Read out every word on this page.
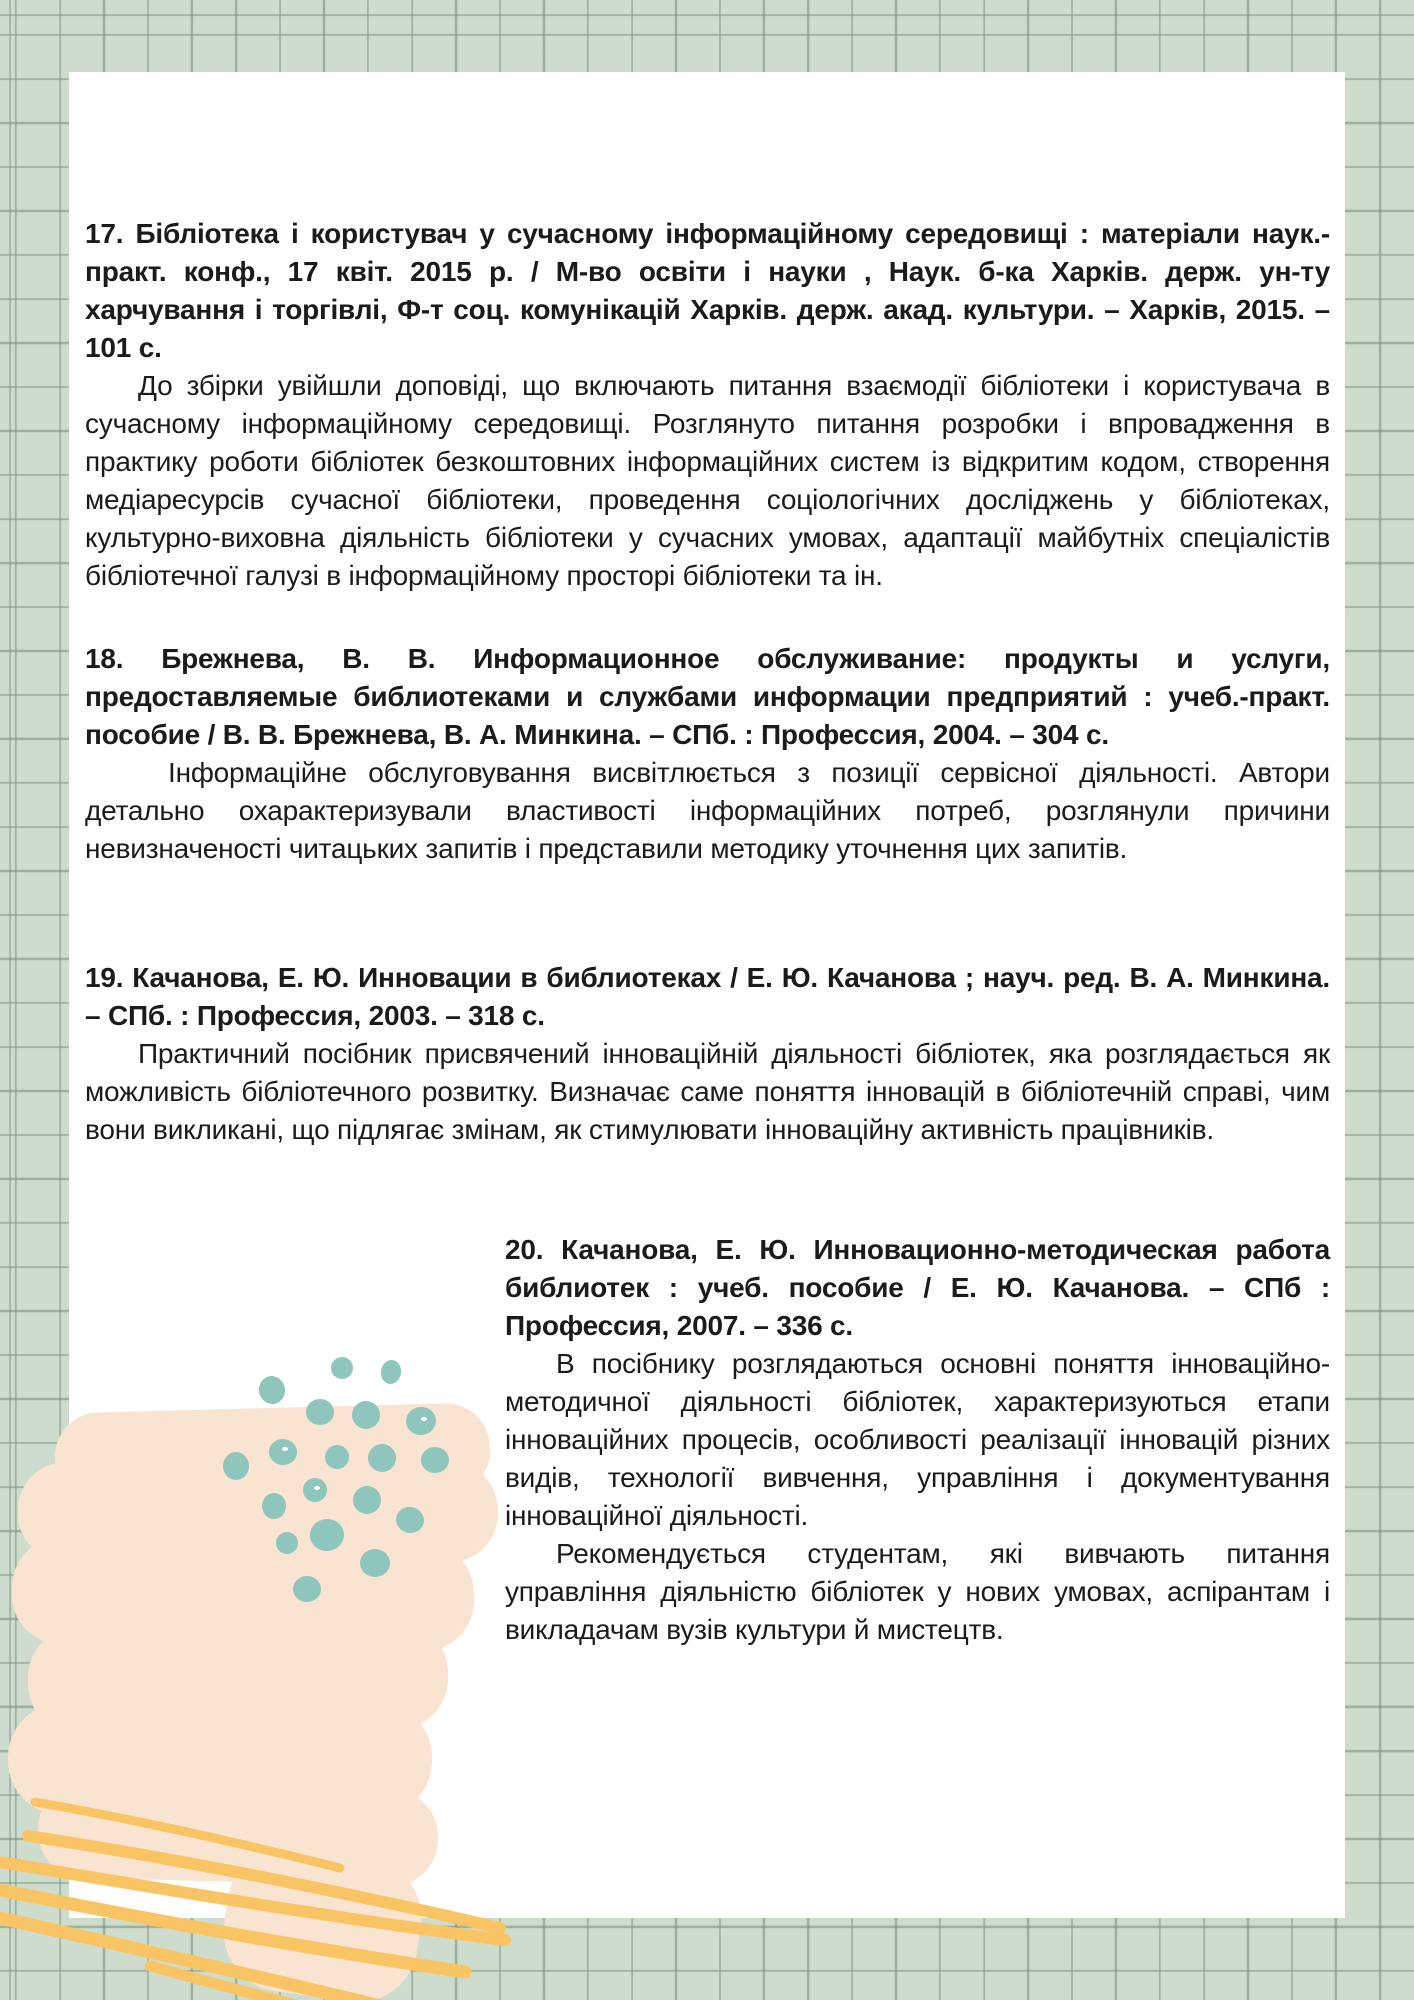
17. Бібліотека і користувач у сучасному інформаційному середовищі : матеріали наук.-практ. конф., 17 квіт. 2015 р. / М-во освіти і науки , Наук. б-ка Харків. держ. ун-ту харчування і торгівлі, Ф-т соц. комунікацій Харків. держ. акад. культури. – Харків, 2015. – 101 с.

До збірки увійшли доповіді, що включають питання взаємодії бібліотеки і користувача в сучасному інформаційному середовищі. Розглянуто питання розробки і впровадження в практику роботи бібліотек безкоштовних інформаційних систем із відкритим кодом, створення медіаресурсів сучасної бібліотеки, проведення соціологічних досліджень у бібліотеках, культурно-виховна діяльність бібліотеки у сучасних умовах, адаптації майбутніх спеціалістів бібліотечної галузі в інформаційному просторі бібліотеки та ін.

18. Брежнева, В. В. Информационное обслуживание: продукты и услуги, предоставляемые библиотеками и службами информации предприятий : учеб.-практ. пособие / В. В. Брежнева, В. А. Минкина. – СПб. : Профессия, 2004. – 304 с.

Інформаційне обслуговування висвітлюється з позиції сервісної діяльності. Автори детально охарактеризували властивості інформаційних потреб, розглянули причини невизначеності читацьких запитів і представили методику уточнення цих запитів.

19. Качанова, Е. Ю. Инновации в библиотеках / Е. Ю. Качанова ; науч. ред. В. А. Минкина. – СПб. : Профессия, 2003. – 318 с.

Практичний посібник присвячений інноваційній діяльності бібліотек, яка розглядається як можливість бібліотечного розвитку. Визначає саме поняття інновацій в бібліотечній справі, чим вони викликані, що підлягає змінам, як стимулювати інноваційну активність працівників.

20. Качанова, Е. Ю. Инновационно-методическая работа библиотек : учеб. пособие / Е. Ю. Качанова. – СПб : Профессия, 2007. – 336 с.

В посібнику розглядаються основні поняття інноваційно-методичної діяльності бібліотек, характеризуються етапи інноваційних процесів, особливості реалізації інновацій різних видів, технології вивчення, управління і документування інноваційної діяльності.

Рекомендується студентам, які вивчають питання управління діяльністю бібліотек у нових умовах, аспірантам і викладачам вузів культури й мистецтв.
